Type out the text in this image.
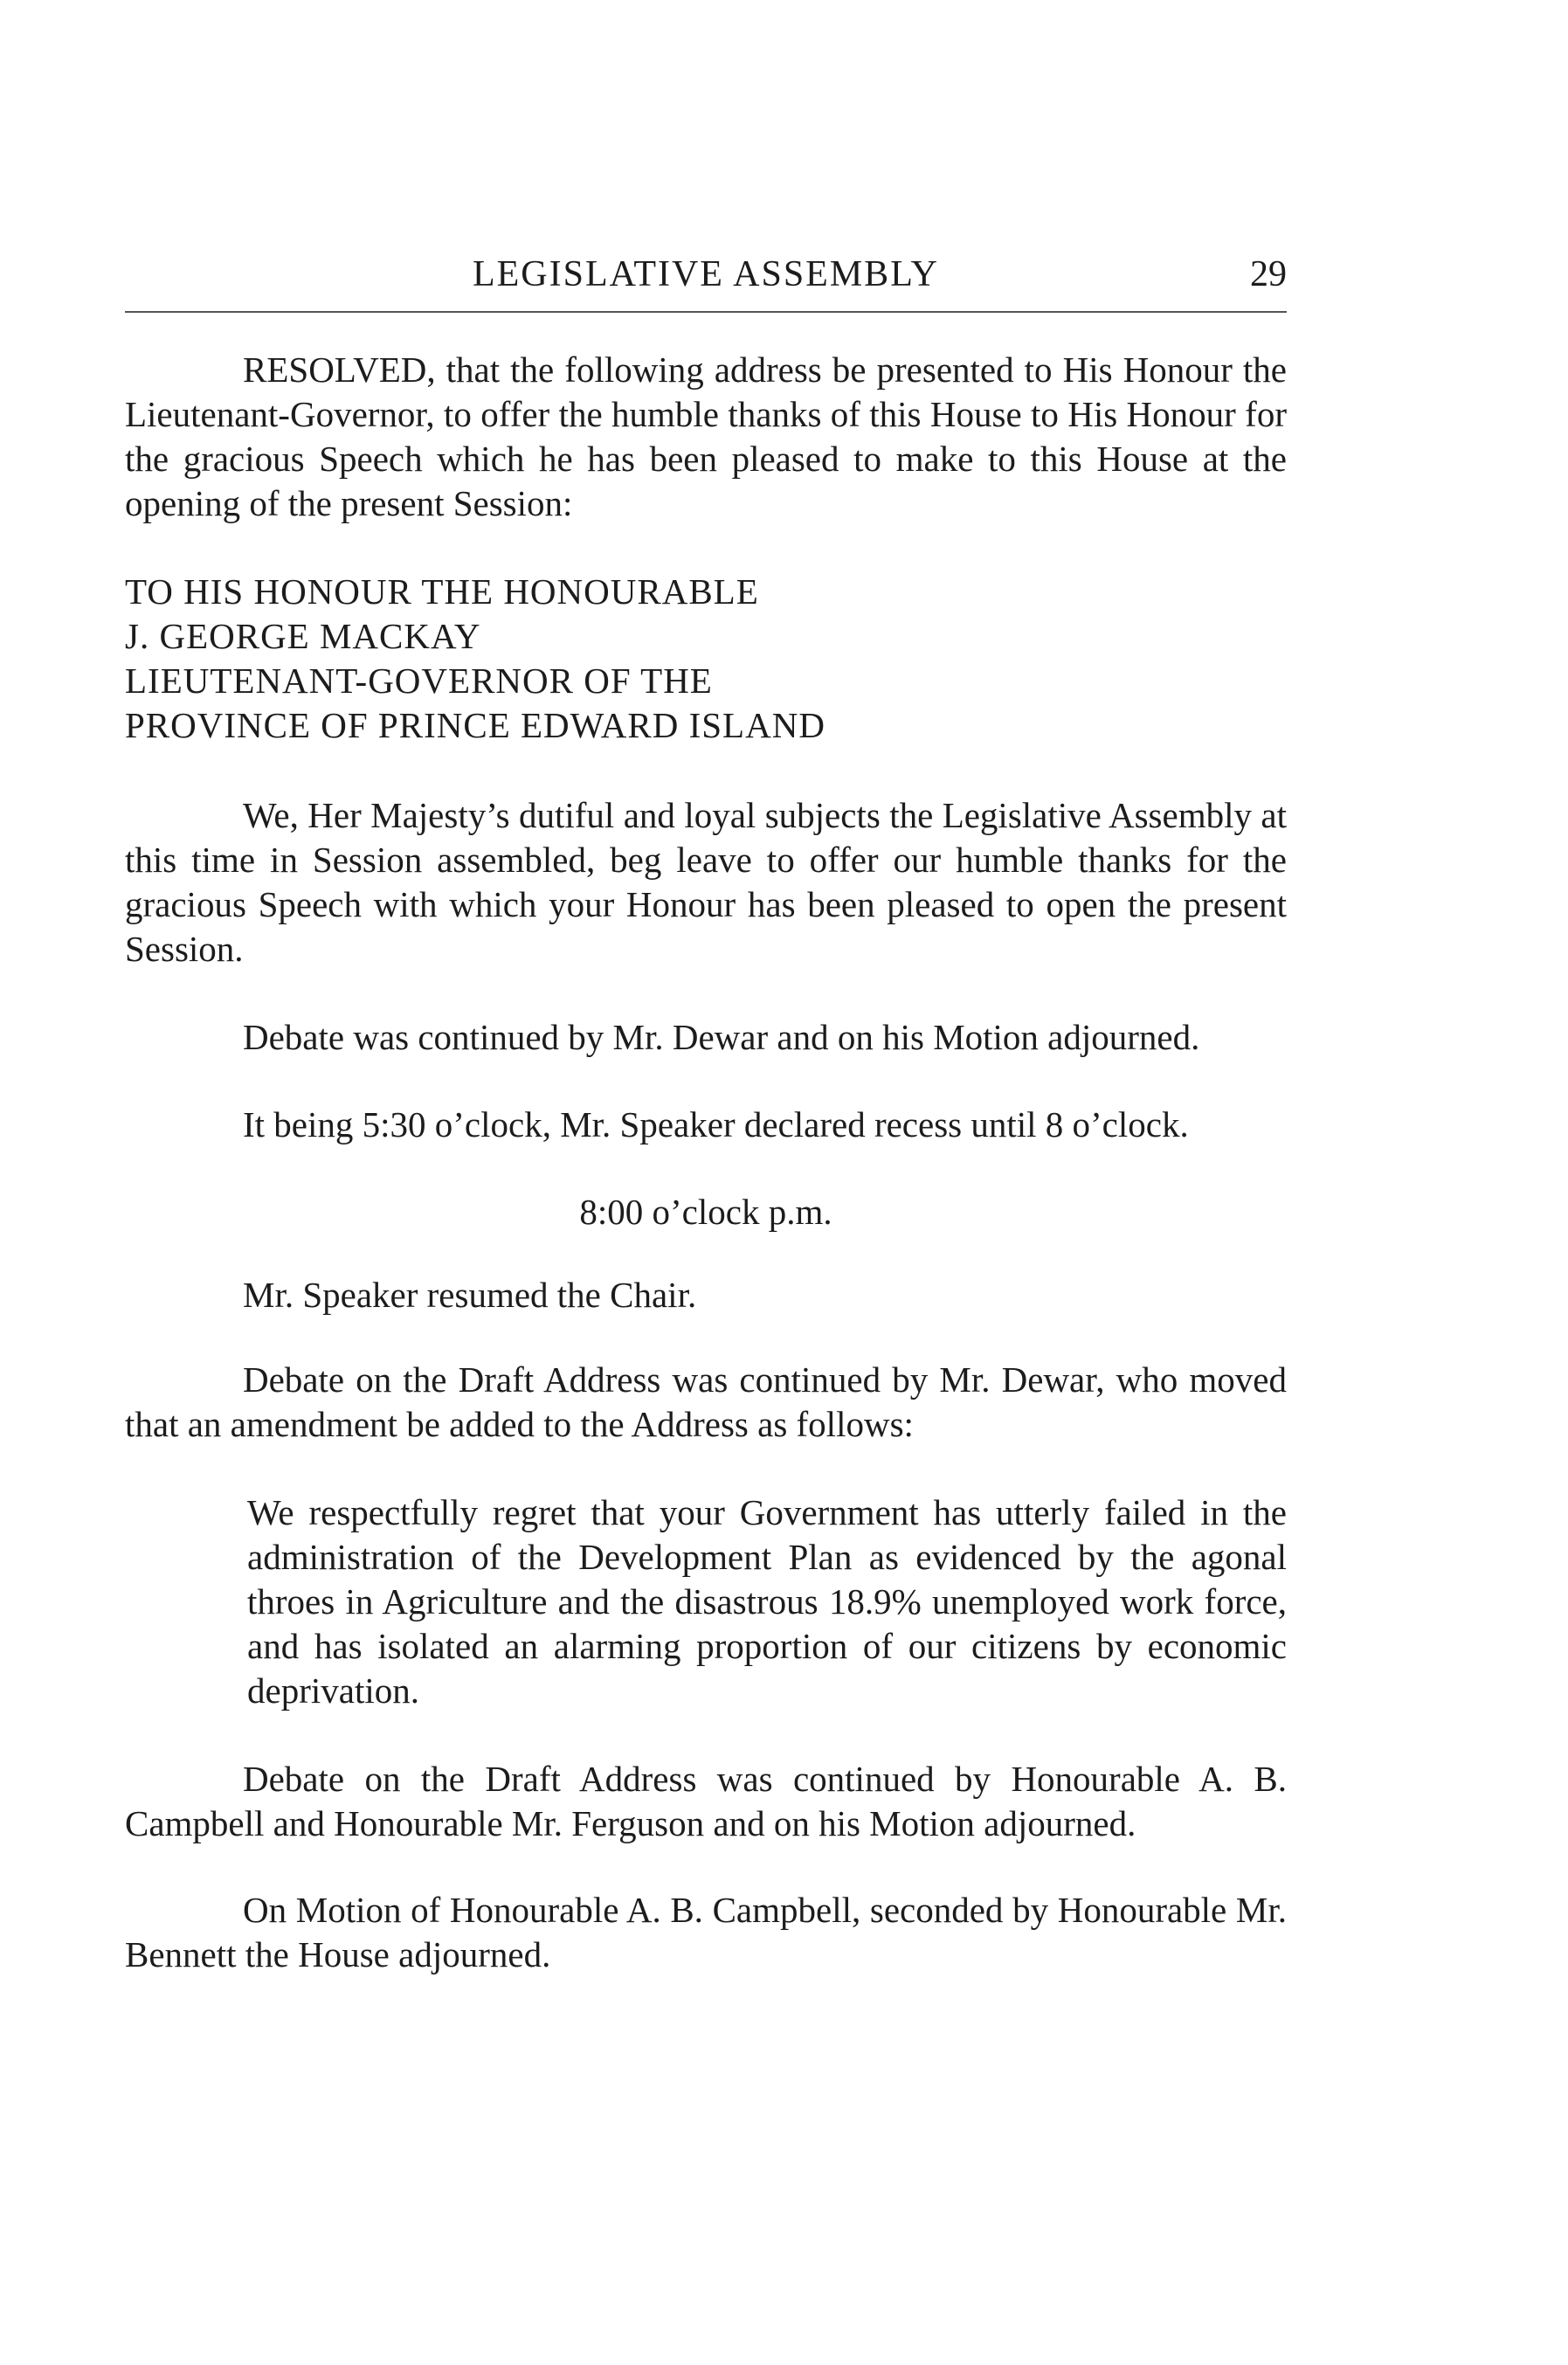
LEGISLATIVE ASSEMBLY	29

RESOLVED, that the following address be presented to His Honour the Lieutenant-Governor, to offer the humble thanks of this House to His Honour for the gracious Speech which he has been pleased to make to this House at the opening of the present Session:

TO HIS HONOUR THE HONOURABLE
J. GEORGE MACKAY
LIEUTENANT-GOVERNOR OF THE
PROVINCE OF PRINCE EDWARD ISLAND

We, Her Majesty’s dutiful and loyal subjects the Legislative Assembly at this time in Session assembled, beg leave to offer our humble thanks for the gracious Speech with which your Honour has been pleased to open the present Session.

Debate was continued by Mr. Dewar and on his Motion adjourned.

It being 5:30 o’clock, Mr. Speaker declared recess until 8 o’clock.

8:00 o’clock p.m.

Mr. Speaker resumed the Chair.

Debate on the Draft Address was continued by Mr. Dewar, who moved that an amendment be added to the Address as follows:

We respectfully regret that your Government has utterly failed in the administration of the Development Plan as evidenced by the agonal throes in Agriculture and the disastrous 18.9% unemployed work force, and has isolated an alarming proportion of our citizens by economic deprivation.

Debate on the Draft Address was continued by Honourable A. B. Campbell and Honourable Mr. Ferguson and on his Motion adjourned.

On Motion of Honourable A. B. Campbell, seconded by Honourable Mr. Bennett the House adjourned.
